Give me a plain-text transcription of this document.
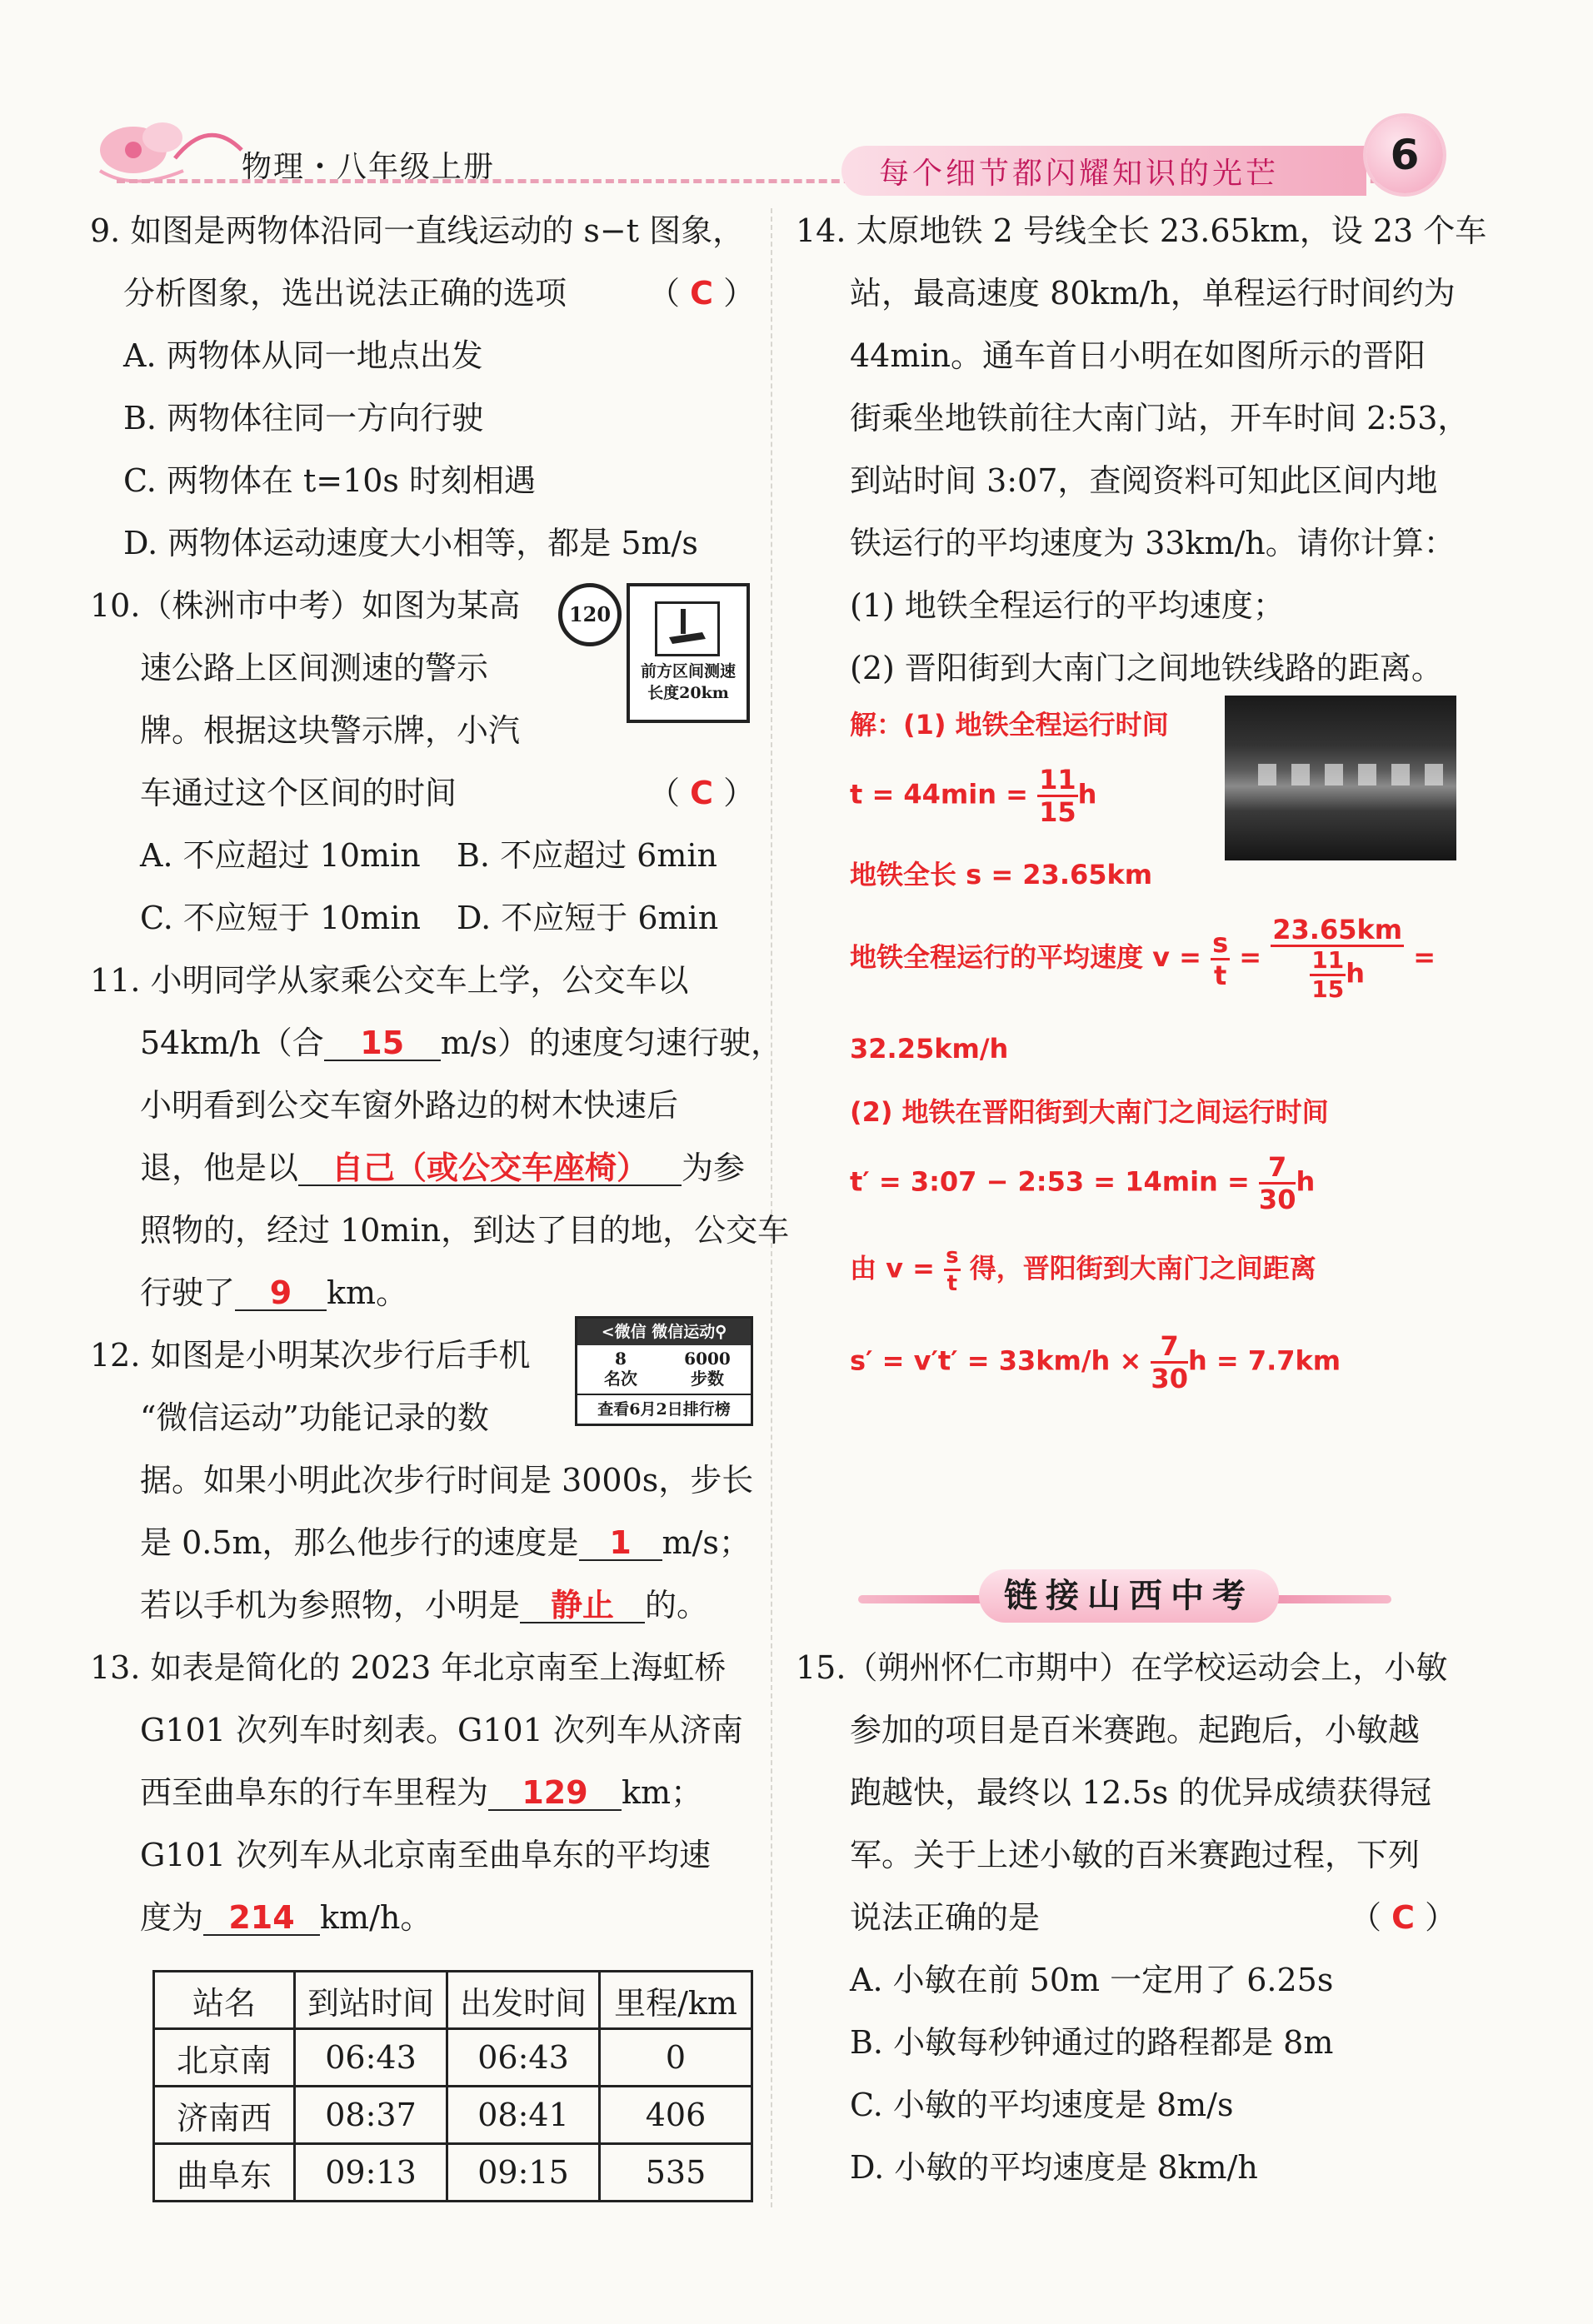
物理・八年级上册	每个细节都闪耀知识的光芒	6
9. 如图是两物体沿同一直线运动的 s−t 图象，
分析图象，选出说法正确的选项	（ C ）
A. 两物体从同一地点出发
B. 两物体往同一方向行驶
C. 两物体在 t=10s 时刻相遇
D. 两物体运动速度大小相等，都是 5m/s
10.（株洲市中考）如图为某高
速公路上区间测速的警示
牌。根据这块警示牌，小汽
车通过这个区间的时间	（ C ）
A. 不应超过 10min B. 不应超过 6min
C. 不应短于 10min D. 不应短于 6min
120
前方区间测速
长度20km
11. 小明同学从家乘公交车上学，公交车以
54km/h（合 15 m/s）的速度匀速行驶，
小明看到公交车窗外路边的树木快速后
退，他是以 自己（或公交车座椅） 为参
照物的，经过 10min，到达了目的地，公交车
行驶了 9 km。
12. 如图是小明某次步行后手机
“微信运动”功能记录的数
据。如果小明此次步行时间是 3000s，步长
是 0.5m，那么他步行的速度是 1 m/s；
若以手机为参照物，小明是 静止 的。
<微信 微信运动⚲
8	6000
名次	步数
查看6月2日排行榜
13. 如表是简化的 2023 年北京南至上海虹桥
G101 次列车时刻表。G101 次列车从济南
西至曲阜东的行车里程为 129 km；
G101 次列车从北京南至曲阜东的平均速
度为 214 km/h。
站名	到站时间	出发时间	里程/km
北京南	06:43	06:43	0
济南西	08:37	08:41	406
曲阜东	09:13	09:15	535
14. 太原地铁 2 号线全长 23.65km，设 23 个车
站，最高速度 80km/h，单程运行时间约为
44min。通车首日小明在如图所示的晋阳
街乘坐地铁前往大南门站，开车时间 2:53，
到站时间 3:07，查阅资料可知此区间内地
铁运行的平均速度为 33km/h。请你计算：
(1) 地铁全程运行的平均速度；
(2) 晋阳街到大南门之间地铁线路的距离。
解：(1) 地铁全程运行时间
$t = 44\min = \frac{11}{15}$ h
地铁全长 s = 23.65km
地铁全程运行的平均速度 $v = \frac{s}{t} = \frac{23.65km}{\frac{11}{15} h}$ =
32.25km/h
(2) 地铁在晋阳街到大南门之间运行时间
t′ = 3:07 − 2:53 = $14\min = \frac{7}{30}$ h
由 $v = \frac{s}{t}$ 得，晋阳街到大南门之间距离
$s' = v't' = 33km/h \times \frac{7}{30}$ h = 7.7km
链接山西中考
15.（朔州怀仁市期中）在学校运动会上，小敏
参加的项目是百米赛跑。起跑后，小敏越
跑越快，最终以 12.5s 的优异成绩获得冠
军。关于上述小敏的百米赛跑过程，下列
说法正确的是	（ C ）
A. 小敏在前 50m 一定用了 6.25s
B. 小敏每秒钟通过的路程都是 8m
C. 小敏的平均速度是 8m/s
D. 小敏的平均速度是 8km/h
